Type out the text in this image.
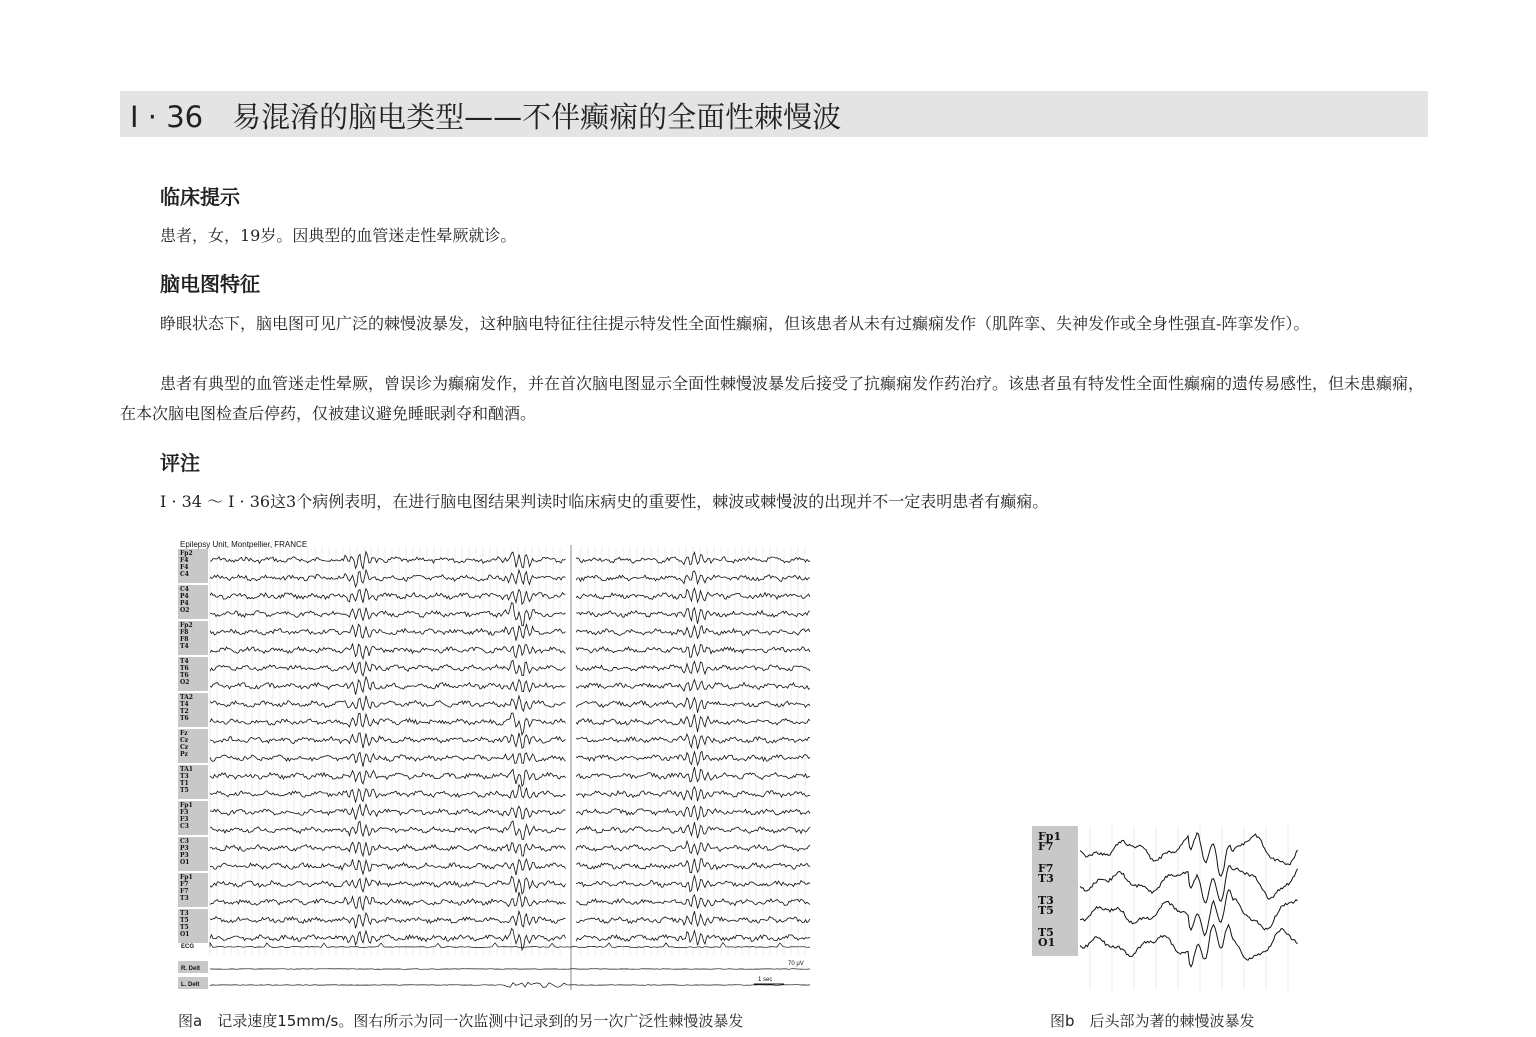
Ⅰ · 36　易混淆的脑电类型——不伴癫痫的全面性棘慢波
临床提示

患者，女，19岁。因典型的血管迷走性晕厥就诊。

脑电图特征

睁眼状态下，脑电图可见广泛的棘慢波暴发，这种脑电特征往往提示特发性全面性癫痫，但该患者从未有过癫痫发作（肌阵挛、失神发作或全身性强直-阵挛发作）。

患者有典型的血管迷走性晕厥，曾误诊为癫痫发作，并在首次脑电图显示全面性棘慢波暴发后接受了抗癫痫发作药治疗。该患者虽有特发性全面性癫痫的遗传易感性，但未患癫痫，在本次脑电图检查后停药，仅被建议避免睡眠剥夺和酗酒。

评注

Ⅰ · 34 ～ Ⅰ · 36这3个病例表明，在进行脑电图结果判读时临床病史的重要性，棘波或棘慢波的出现并不一定表明患者有癫痫。

Epilepsy Unit, Montpellier, FRANCE
Fp2
F4
F4
C4
C4
P4
P4
O2
Fp2
F8
F8
T4
T4
T6
T6
O2
TA2
T4
T2
T6
Fz
Cz
Cz
Pz
TA1
T3
T1
T5
Fp1
F3
F3
C3
C3
P3
P3
O1
Fp1
F7
F7
T3
T3
T5
T5
O1
ECG
R. Delt
L. Delt
70 μV
1 sec
图a　记录速度15mm/s。图右所示为同一次监测中记录到的另一次广泛性棘慢波暴发
Fp1
F7
F7
T3
T3
T5
T5
O1
图b　后头部为著的棘慢波暴发
